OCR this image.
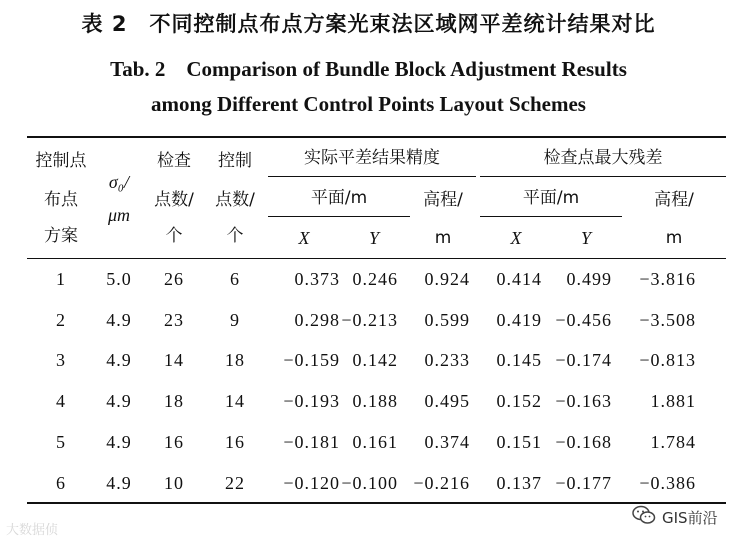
表 2　不同控制点布点方案光束法区域网平差统计结果对比
Tab. 2　Comparison of Bundle Block Adjustment Results
among Different Control Points Layout Schemes
控制点
布点
方案
σ₀/
μm
检查
点数/
个
控制
点数/
个
实际平差结果精度
平面/m
X	Y
高程/
m
检查点最大残差
平面/m
X	Y
高程/
m
1	5.0	26	6	0.373 0.246	0.924	0.414	0.499	−3.816
2	4.9	23	9	0.298 −0.213	0.599	0.419 −0.456	−3.508
3	4.9	14	18	−0.159 0.142	0.233	0.145 −0.174	−0.813
4	4.9	18	14	−0.193 0.188	0.495	0.152 −0.163	1.881
5	4.9	16	16	−0.181 0.161	0.374	0.151 −0.168	1.784
6	4.9	10	22	−0.120 −0.100 −0.216	0.137 −0.177	−0.386
大数据侦
GIS前沿
